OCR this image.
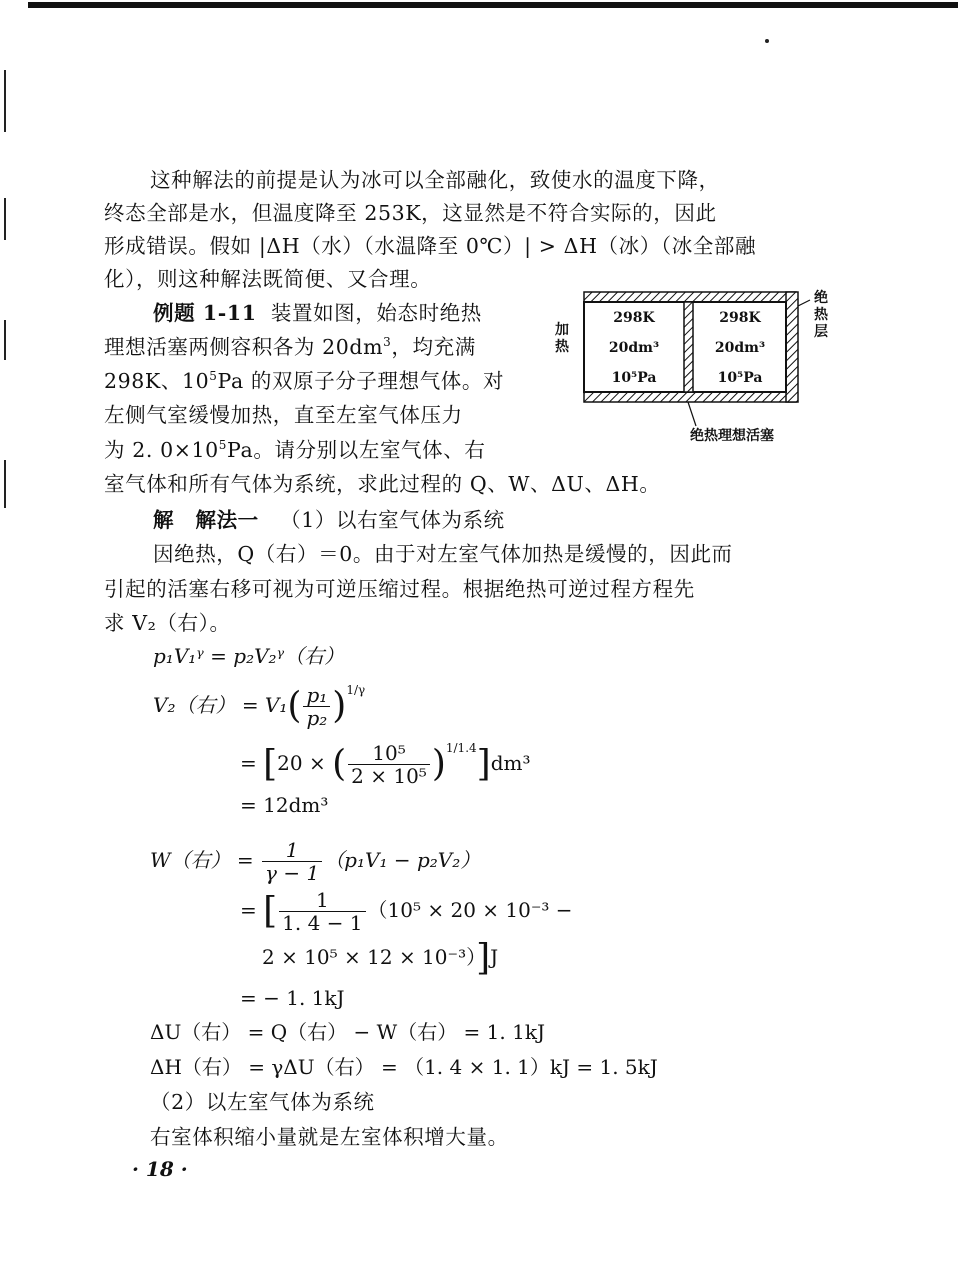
这种解法的前提是认为冰可以全部融化，致使水的温度下降，
终态全部是水，但温度降至 253K，这显然是不符合实际的，因此
形成错误。假如 |ΔH（水）（水温降至 0℃）| > ΔH（冰）（冰全部融
化），则这种解法既简便、又合理。
例题 1-11 装置如图，始态时绝热
理想活塞两侧容积各为 $20dm^3$，均充满
298K、$10^5Pa$ 的双原子分子理想气体。对
左侧气室缓慢加热，直至左室气体压力
为 2. $0\times 10^5Pa$。请分别以左室气体、右
室气体和所有气体为系统，求此过程的 Q、W、ΔU、ΔH。
298K
20dm³
10⁵Pa
298K
20dm³
10⁵Pa
加热
绝热层
绝热理想活塞
解 解法一 （1）以右室气体为系统
因绝热，Q（右）＝0。由于对左室气体加热是缓慢的，因此而
引起的活塞右移可视为可逆压缩过程。根据绝热可逆过程方程先
求 V₂（右）。
p₁V₁ᵞ = p₂V₂ᵞ（右）
V₂（右） = $V_1( \frac{\text{p₁}}{\text{p₂}} )^{1/\gamma}$
= [20 × ( $\frac{\text{10⁵}}{\text{2 × 10⁵}} )^{1/1.4}]dm^3$
= 12dm³
W（右） = $\frac{1}{\gamma - 1} (p_1V_1 - p_2V_2)$
= [ $\frac{1}{1. 4 - 1} (10^5 \times 20 \times 10^{-3}$ −
2 × 10⁵ × 12 × 10⁻³）]J
= − 1. 1kJ
ΔU（右） = Q（右） − W（右） = 1. 1kJ
ΔH（右） = γΔU（右） = （1. 4 × 1. 1）kJ = 1. 5kJ
（2）以左室气体为系统
右室体积缩小量就是左室体积增大量。
· 18 ·
